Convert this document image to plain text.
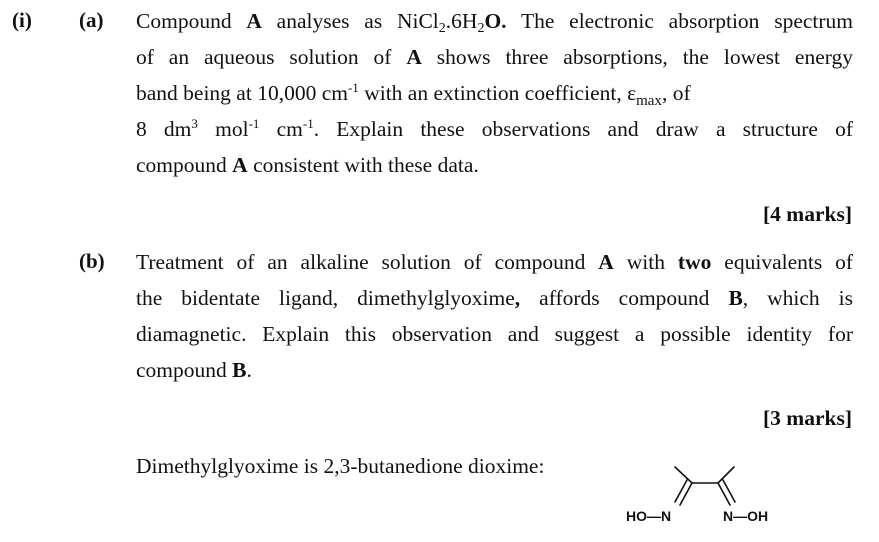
(i) (a) Compound A analyses as $NiCl_2.6H_2O$. The electronic absorption spectrum
of an aqueous solution of A shows three absorptions, the lowest energy
band being at 10,000 $cm^{-1}$ with an extinction coefficient, $\varepsilon_{max}$, of
8 $dm^3$ mol$^{-1}$ $cm^{-1}$. Explain these observations and draw a structure of
compound A consistent with these data.
[4 marks]
(b) Treatment of an alkaline solution of compound A with two equivalents of
the bidentate ligand, dimethylglyoxime, affords compound B, which is
diamagnetic. Explain this observation and suggest a possible identity for
compound B.
[3 marks]
Dimethylglyoxime is 2,3-butanedione dioxime:
HO—N	N—OH
